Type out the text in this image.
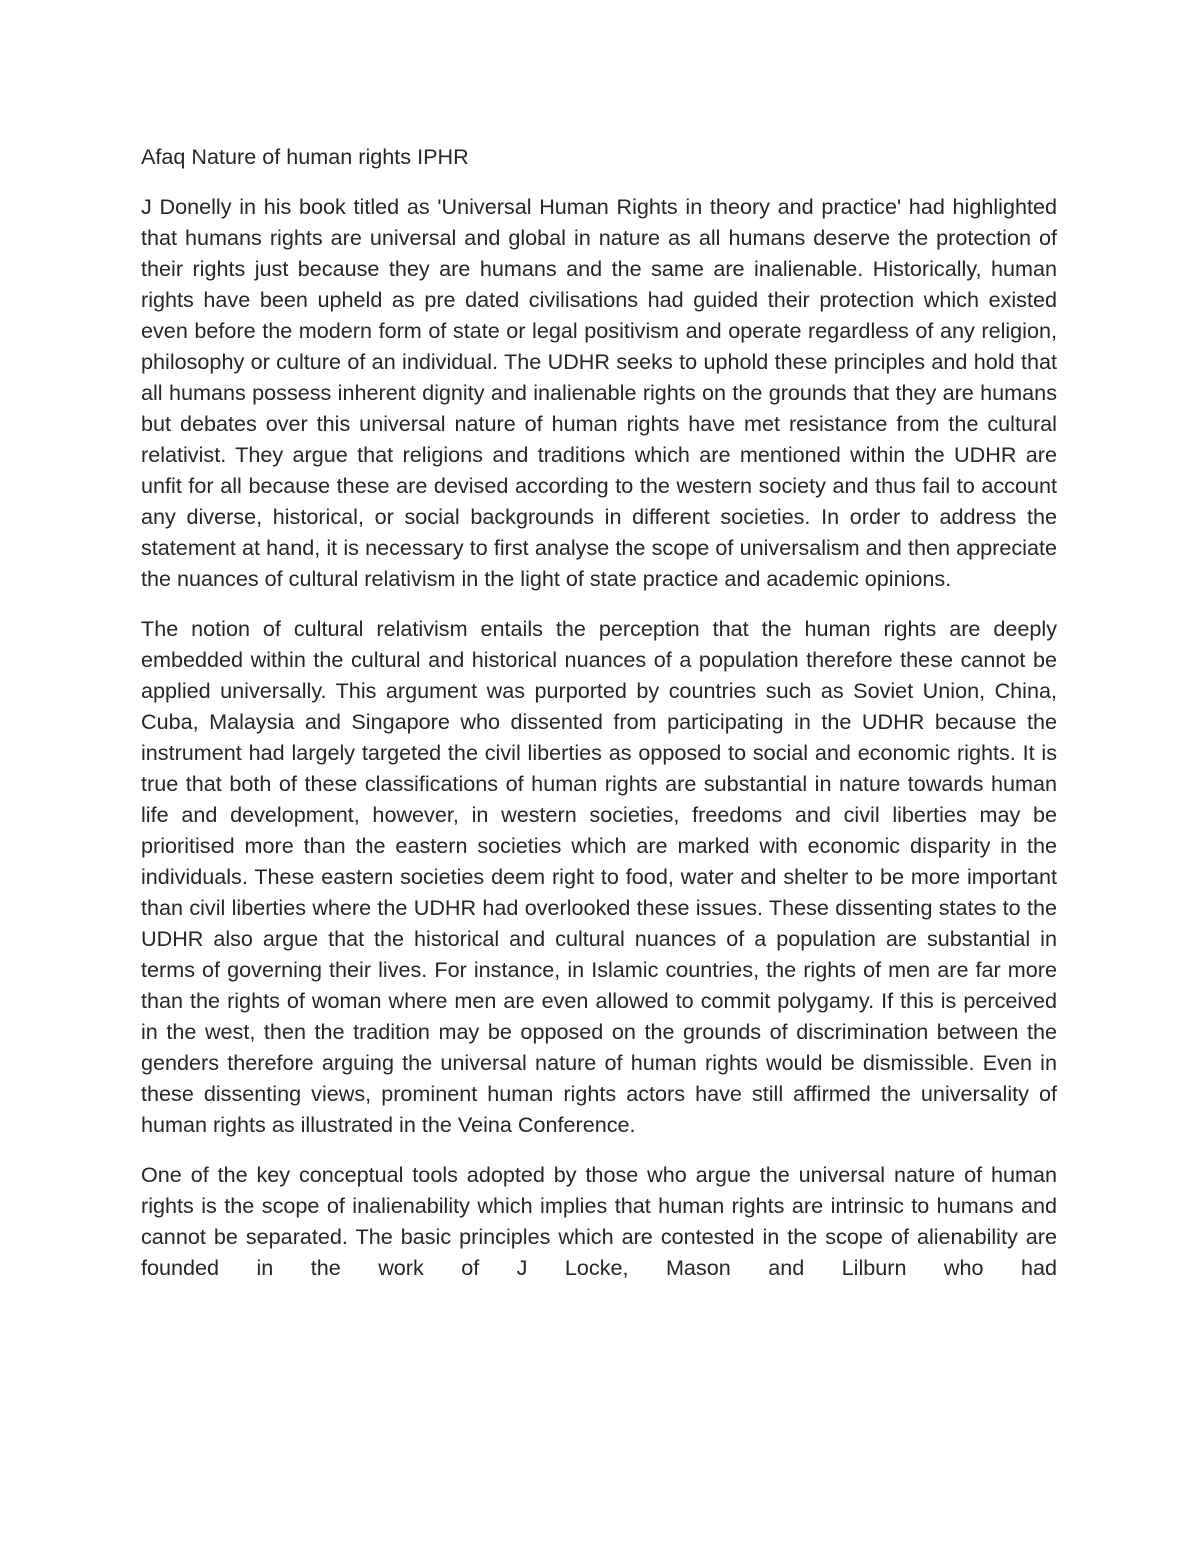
Afaq Nature of human rights IPHR

J Donelly in his book titled as 'Universal Human Rights in theory and practice' had highlighted that humans rights are universal and global in nature as all humans deserve the protection of their rights just because they are humans and the same are inalienable. Historically, human rights have been upheld as pre dated civilisations had guided their protection which existed even before the modern form of state or legal positivism and operate regardless of any religion, philosophy or culture of an individual. The UDHR seeks to uphold these principles and hold that all humans possess inherent dignity and inalienable rights on the grounds that they are humans but debates over this universal nature of human rights have met resistance from the cultural relativist. They argue that religions and traditions which are mentioned within the UDHR are unfit for all because these are devised according to the western society and thus fail to account any diverse, historical, or social backgrounds in different societies. In order to address the statement at hand, it is necessary to first analyse the scope of universalism and then appreciate the nuances of cultural relativism in the light of state practice and academic opinions.

The notion of cultural relativism entails the perception that the human rights are deeply embedded within the cultural and historical nuances of a population therefore these cannot be applied universally. This argument was purported by countries such as Soviet Union, China, Cuba, Malaysia and Singapore who dissented from participating in the UDHR because the instrument had largely targeted the civil liberties as opposed to social and economic rights. It is true that both of these classifications of human rights are substantial in nature towards human life and development, however, in western societies, freedoms and civil liberties may be prioritised more than the eastern societies which are marked with economic disparity in the individuals. These eastern societies deem right to food, water and shelter to be more important than civil liberties where the UDHR had overlooked these issues. These dissenting states to the UDHR also argue that the historical and cultural nuances of a population are substantial in terms of governing their lives. For instance, in Islamic countries, the rights of men are far more than the rights of woman where men are even allowed to commit polygamy. If this is perceived in the west, then the tradition may be opposed on the grounds of discrimination between the genders therefore arguing the universal nature of human rights would be dismissible. Even in these dissenting views, prominent human rights actors have still affirmed the universality of human rights as illustrated in the Veina Conference.

One of the key conceptual tools adopted by those who argue the universal nature of human rights is the scope of inalienability which implies that human rights are intrinsic to humans and cannot be separated. The basic principles which are contested in the scope of alienability are founded in the work of J Locke, Mason and Lilburn who had
